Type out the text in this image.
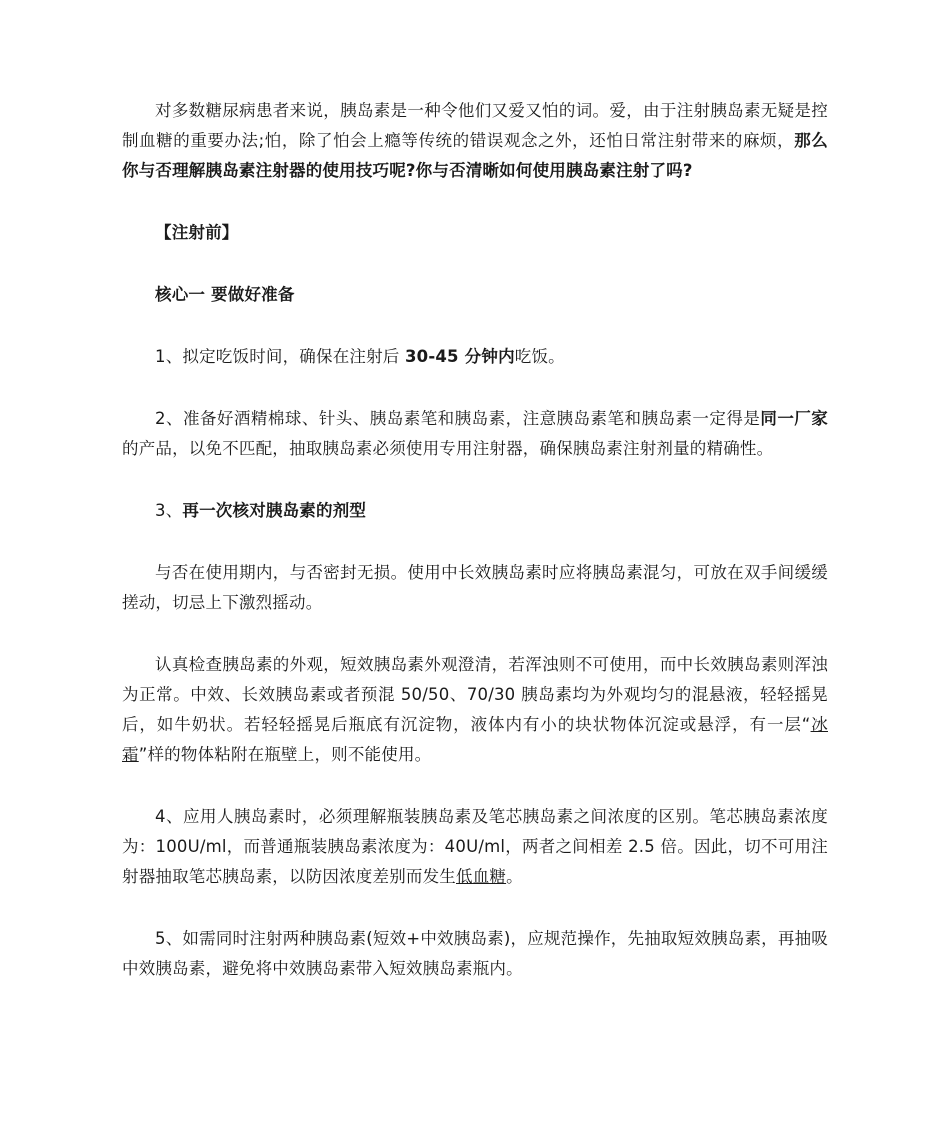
对多数糖尿病患者来说，胰岛素是一种令他们又爱又怕的词。爱，由于注射胰岛素无疑是控制血糖的重要办法;怕，除了怕会上瘾等传统的错误观念之外，还怕日常注射带来的麻烦，那么你与否理解胰岛素注射器的使用技巧呢?你与否清晰如何使用胰岛素注射了吗?

【注射前】

核心一 要做好准备

1、拟定吃饭时间，确保在注射后 30-45 分钟内吃饭。

2、准备好酒精棉球、针头、胰岛素笔和胰岛素，注意胰岛素笔和胰岛素一定得是同一厂家的产品，以免不匹配，抽取胰岛素必须使用专用注射器，确保胰岛素注射剂量的精确性。

3、再一次核对胰岛素的剂型

与否在使用期内，与否密封无损。使用中长效胰岛素时应将胰岛素混匀，可放在双手间缓缓搓动，切忌上下激烈摇动。

认真检查胰岛素的外观，短效胰岛素外观澄清，若浑浊则不可使用，而中长效胰岛素则浑浊为正常。中效、长效胰岛素或者预混 50/50、70/30 胰岛素均为外观均匀的混悬液，轻轻摇晃后，如牛奶状。若轻轻摇晃后瓶底有沉淀物，液体内有小的块状物体沉淀或悬浮，有一层“冰霜”样的物体粘附在瓶壁上，则不能使用。

4、应用人胰岛素时，必须理解瓶装胰岛素及笔芯胰岛素之间浓度的区别。笔芯胰岛素浓度为：100U/ml，而普通瓶装胰岛素浓度为：40U/ml，两者之间相差 2.5 倍。因此，切不可用注射器抽取笔芯胰岛素，以防因浓度差别而发生低血糖。

5、如需同时注射两种胰岛素(短效+中效胰岛素)，应规范操作，先抽取短效胰岛素，再抽吸中效胰岛素，避免将中效胰岛素带入短效胰岛素瓶内。
